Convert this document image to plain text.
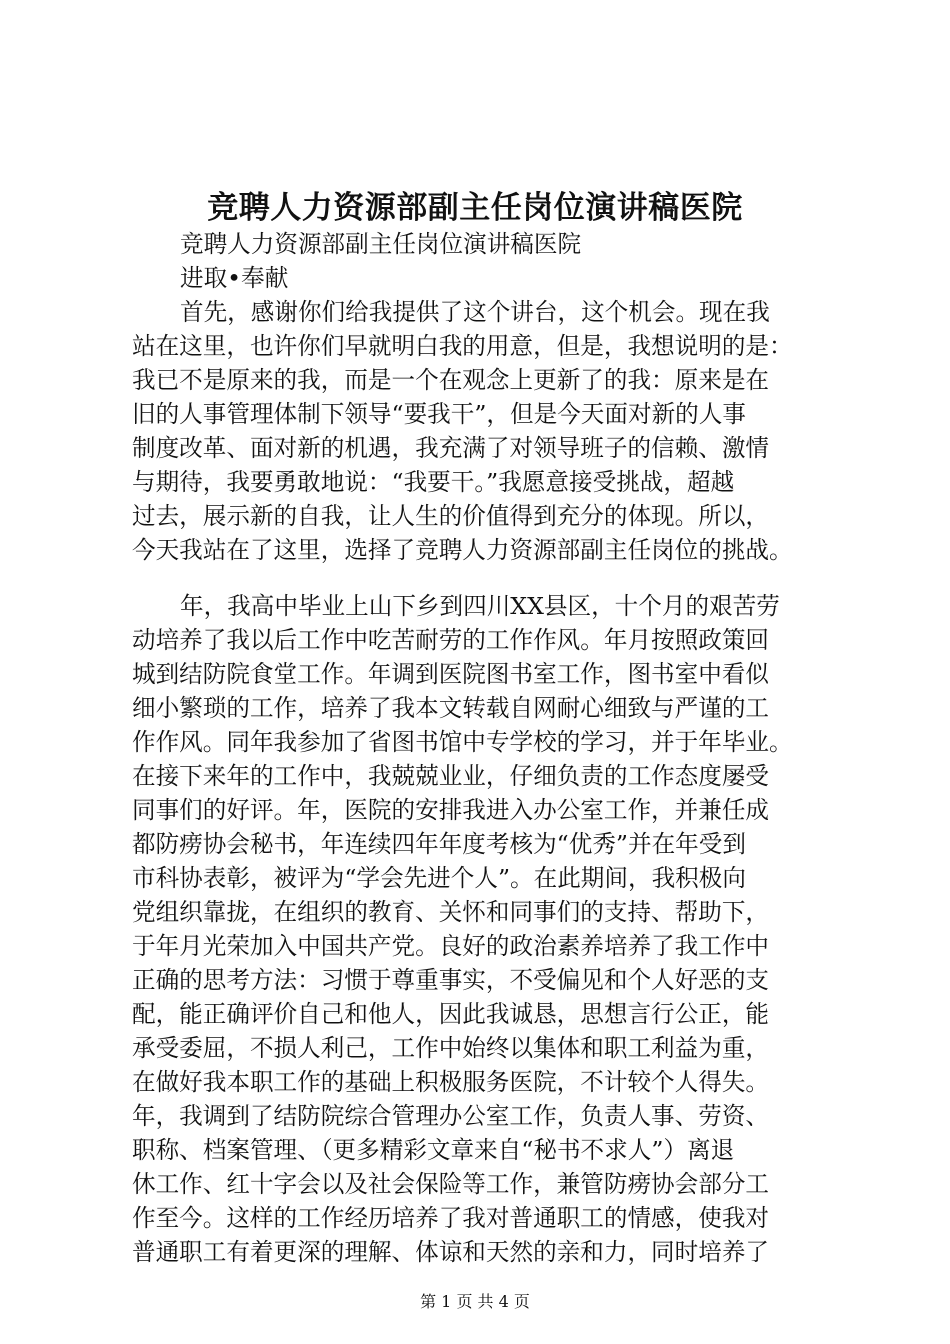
竞聘人力资源部副主任岗位演讲稿医院
竞聘人力资源部副主任岗位演讲稿医院
进取•奉献
首先，感谢你们给我提供了这个讲台，这个机会。现在我
站在这里，也许你们早就明白我的用意，但是，我想说明的是：
我已不是原来的我，而是一个在观念上更新了的我：原来是在
旧的人事管理体制下领导“要我干”，但是今天面对新的人事
制度改革、面对新的机遇，我充满了对领导班子的信赖、激情
与期待，我要勇敢地说：“我要干。”我愿意接受挑战，超越
过去，展示新的自我，让人生的价值得到充分的体现。所以，
今天我站在了这里，选择了竞聘人力资源部副主任岗位的挑战。
年，我高中毕业上山下乡到四川XX县区，十个月的艰苦劳
动培养了我以后工作中吃苦耐劳的工作作风。年月按照政策回
城到结防院食堂工作。年调到医院图书室工作，图书室中看似
细小繁琐的工作，培养了我本文转载自网耐心细致与严谨的工
作作风。同年我参加了省图书馆中专学校的学习，并于年毕业。
在接下来年的工作中，我兢兢业业，仔细负责的工作态度屡受
同事们的好评。年，医院的安排我进入办公室工作，并兼任成
都防痨协会秘书，年连续四年年度考核为“优秀”并在年受到
市科协表彰，被评为“学会先进个人”。在此期间，我积极向
党组织靠拢，在组织的教育、关怀和同事们的支持、帮助下，
于年月光荣加入中国共产党。良好的政治素养培养了我工作中
正确的思考方法：习惯于尊重事实，不受偏见和个人好恶的支
配，能正确评价自己和他人，因此我诚恳，思想言行公正，能
承受委屈，不损人利己，工作中始终以集体和职工利益为重，
在做好我本职工作的基础上积极服务医院，不计较个人得失。
年，我调到了结防院综合管理办公室工作，负责人事、劳资、
职称、档案管理、（更多精彩文章来自“秘书不求人”）离退
休工作、红十字会以及社会保险等工作，兼管防痨协会部分工
作至今。这样的工作经历培养了我对普通职工的情感，使我对
普通职工有着更深的理解、体谅和天然的亲和力，同时培养了
第 1 页 共 4 页
